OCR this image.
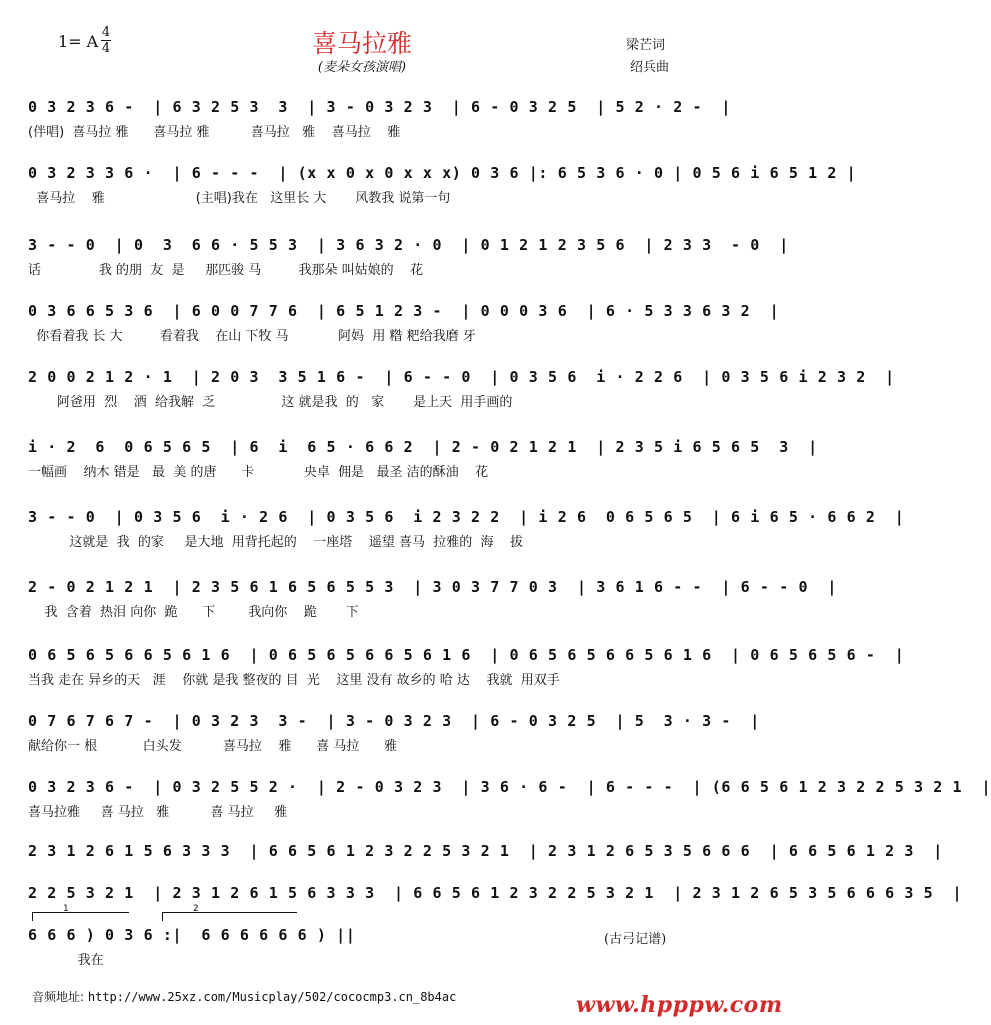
1= A 4
4	喜马拉雅
(麦朵女孩演唱)
梁芒词
绍兵曲
0 3 2 3 6 -  | 6 3 2 5 3  3  | 3 - 0 3 2 3  | 6 - 0 3 2 5  | 5 2 · 2 -  |
(伴唱)  喜马拉 雅      喜马拉 雅          喜马拉   雅    喜马拉    雅
0 3 2 3 3 6 ·  | 6 - - -  | (x x 0 x 0 x x x) 0 3 6 |: 6 5 3 6 · 0 | 0 5 6 i 6 5 1 2 |
喜马拉    雅                      (主唱)我在   这里长 大       风教我 说第一句
3 - - 0  | 0  3  6 6 · 5 5 3  | 3 6 3 2 · 0  | 0 1 2 1 2 3 5 6  | 2 3 3  - 0  |
话              我 的朋  友  是     那匹骏 马         我那朵 叫姑娘的    花
0 3 6 6 5 3 6  | 6 0 0 7 7 6  | 6 5 1 2 3 -  | 0 0 0 3 6  | 6 · 5 3 3 6 3 2  |
你看着我 长 大         看着我    在山 下牧 马            阿妈  用 糌 粑给我磨 牙
2 0 0 2 1 2 · 1  | 2 0 3  3 5 1 6 -  | 6 - - 0  | 0 3 5 6  i · 2 2 6  | 0 3 5 6 i 2 3 2  |
阿爸用  烈    酒  给我解  乏                这 就是我  的   家       是上天  用手画的
i · 2  6  0 6 5 6 5  | 6  i  6 5 · 6 6 2  | 2 - 0 2 1 2 1  | 2 3 5 i 6 5 6 5  3  |
一幅画    纳木 错是   最  美 的唐      卡            央卓  佣是   最圣 洁的酥油    花
3 - - 0  | 0 3 5 6  i · 2 6  | 0 3 5 6  i 2 3 2 2  | i 2 6  0 6 5 6 5  | 6 i 6 5 · 6 6 2  |
这就是  我  的家     是大地  用背托起的    一座塔    遥望 喜马  拉雅的  海    拔
2 - 0 2 1 2 1  | 2 3 5 6 1 6 5 6 5 5 3  | 3 0 3 7 7 0 3  | 3 6 1 6 - -  | 6 - - 0  |
我  含着  热泪 向你  跪      下        我向你    跪       下
0 6 5 6 5 6 6 5 6 1 6  | 0 6 5 6 5 6 6 5 6 1 6  | 0 6 5 6 5 6 6 5 6 1 6  | 0 6 5 6 5 6 -  |
当我 走在 异乡的天   涯    你就 是我 整夜的 目  光    这里 没有 故乡的 哈 达    我就  用双手
0 7 6 7 6 7 -  | 0 3 2 3  3 -  | 3 - 0 3 2 3  | 6 - 0 3 2 5  | 5  3 · 3 -  |
献给你一 根           白头发          喜马拉    雅      喜 马拉      雅
0 3 2 3 6 -  | 0 3 2 5 5 2 ·  | 2 - 0 3 2 3  | 3 6 · 6 -  | 6 - - -  | (6 6 5 6 1 2 3 2 2 5 3 2 1  |
喜马拉雅     喜 马拉   雅          喜 马拉     雅
2 3 1 2 6 1 5 6 3 3 3  | 6 6 5 6 1 2 3 2 2 5 3 2 1  | 2 3 1 2 6 5 3 5 6 6 6  | 6 6 5 6 1 2 3  |
2 2 5 3 2 1  | 2 3 1 2 6 1 5 6 3 3 3  | 6 6 5 6 1 2 3 2 2 5 3 2 1  | 2 3 1 2 6 5 3 5 6 6 6 3 5  |
6 6 6 ) 0 3 6 :|  6 6 6 6 6 6 ) ||
我在
1	2
(古弓记谱)
音频地址: http://www.25xz.com/Musicplay/502/cococmp3.cn_8b4ac	www.hpppw.com
